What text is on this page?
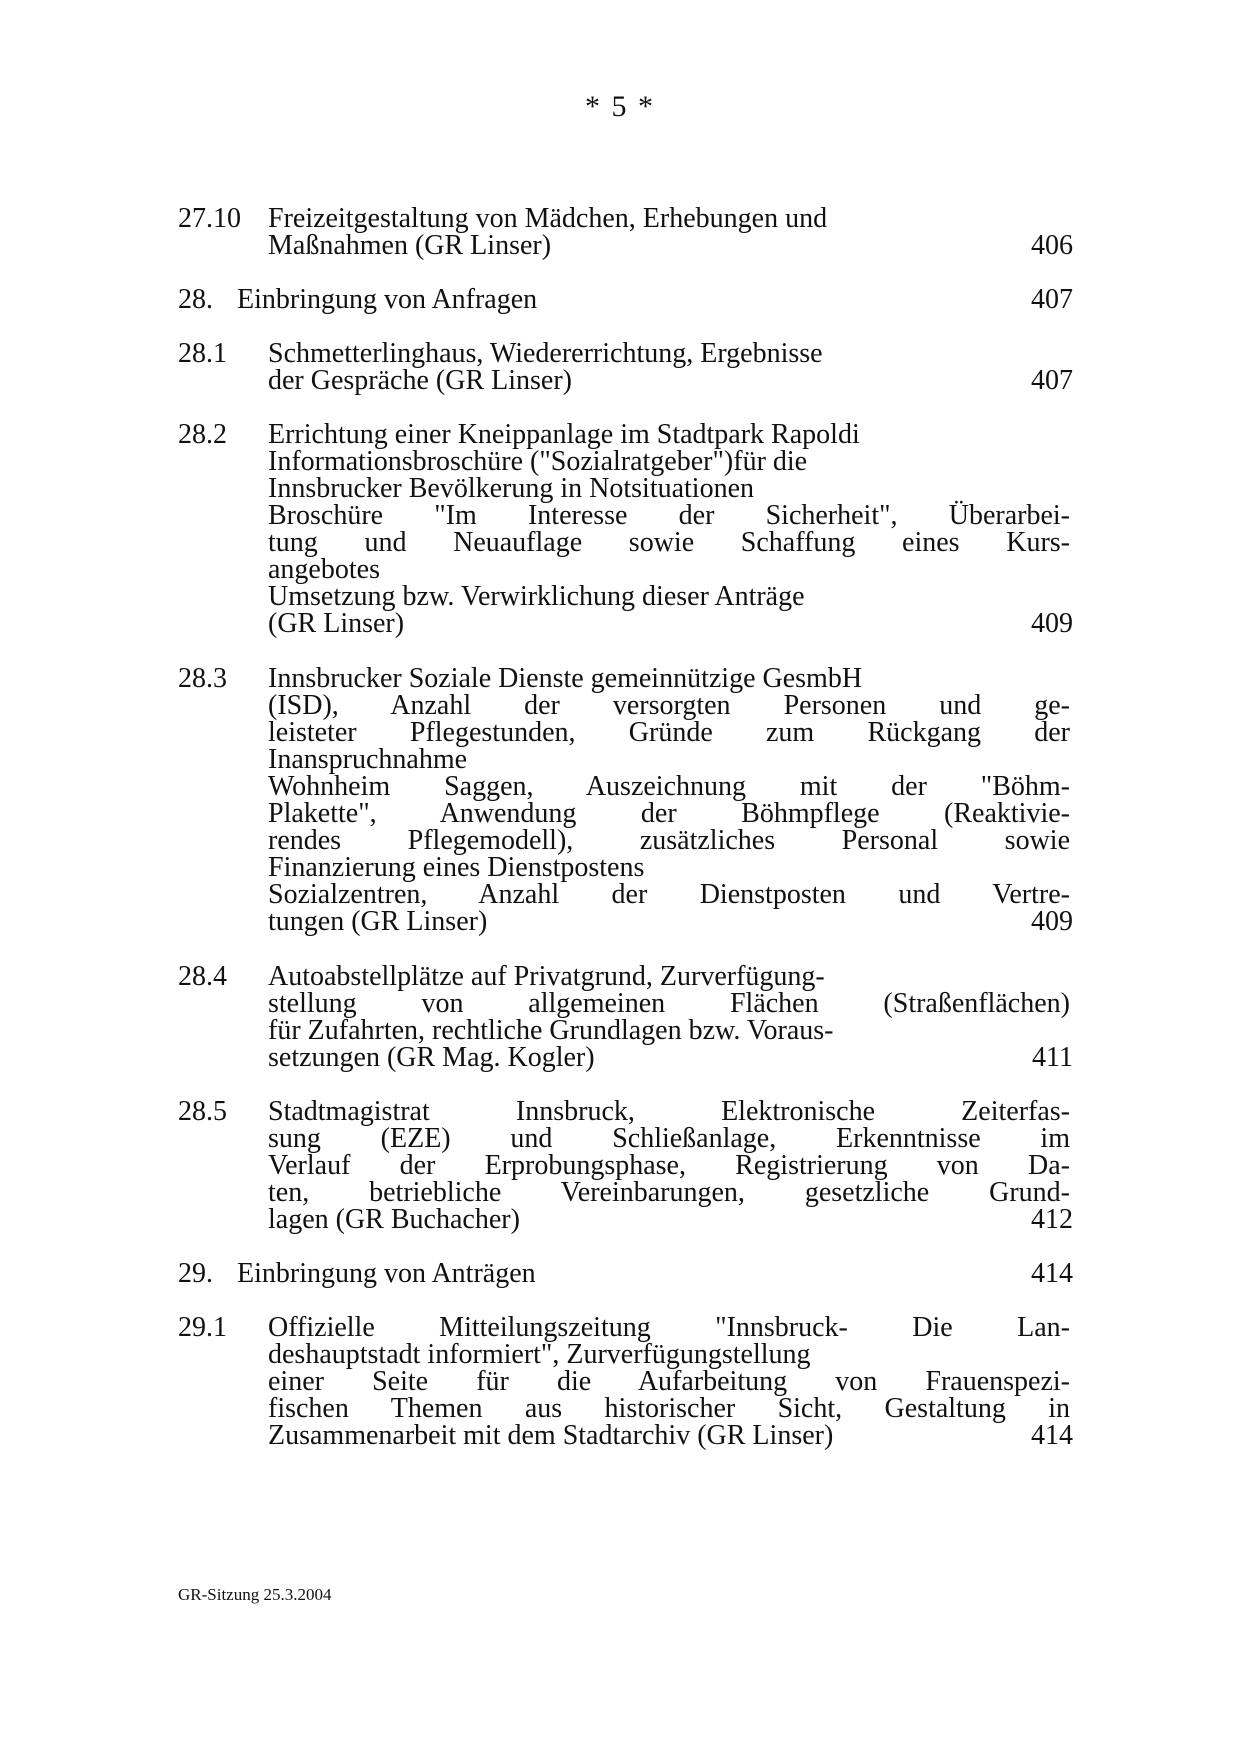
* 5 *
27.10 Freizeitgestaltung von Mädchen, Erhebungen und
Maßnahmen (GR Linser)	406
28. Einbringung von Anfragen	407
28.1 Schmetterlinghaus, Wiedererrichtung, Ergebnisse
der Gespräche (GR Linser)	407
28.2 Errichtung einer Kneippanlage im Stadtpark Rapoldi
Informationsbroschüre ("Sozialratgeber")für die
Innsbrucker Bevölkerung in Notsituationen
Broschüre "Im Interesse der Sicherheit", Überarbei-
tung und Neuauflage sowie Schaffung eines Kurs-
angebotes
Umsetzung bzw. Verwirklichung dieser Anträge
(GR Linser)	409
28.3 Innsbrucker Soziale Dienste gemeinnützige GesmbH
(ISD), Anzahl der versorgten Personen und ge-
leisteter Pflegestunden, Gründe zum Rückgang der
Inanspruchnahme
Wohnheim Saggen, Auszeichnung mit der "Böhm-
Plakette", Anwendung der Böhmpflege (Reaktivie-
rendes Pflegemodell), zusätzliches Personal sowie
Finanzierung eines Dienstpostens
Sozialzentren, Anzahl der Dienstposten und Vertre-
tungen (GR Linser)	409
28.4 Autoabstellplätze auf Privatgrund, Zurverfügung-
stellung von allgemeinen Flächen (Straßenflächen)
für Zufahrten, rechtliche Grundlagen bzw. Voraus-
setzungen (GR Mag. Kogler)	411
28.5 Stadtmagistrat Innsbruck, Elektronische Zeiterfas-
sung (EZE) und Schließanlage, Erkenntnisse im
Verlauf der Erprobungsphase, Registrierung von Da-
ten, betriebliche Vereinbarungen, gesetzliche Grund-
lagen (GR Buchacher)	412
29. Einbringung von Anträgen	414
29.1 Offizielle Mitteilungszeitung "Innsbruck- Die Lan-
deshauptstadt informiert", Zurverfügungstellung
einer Seite für die Aufarbeitung von Frauenspezi-
fischen Themen aus historischer Sicht, Gestaltung in
Zusammenarbeit mit dem Stadtarchiv (GR Linser)	414
GR-Sitzung 25.3.2004
